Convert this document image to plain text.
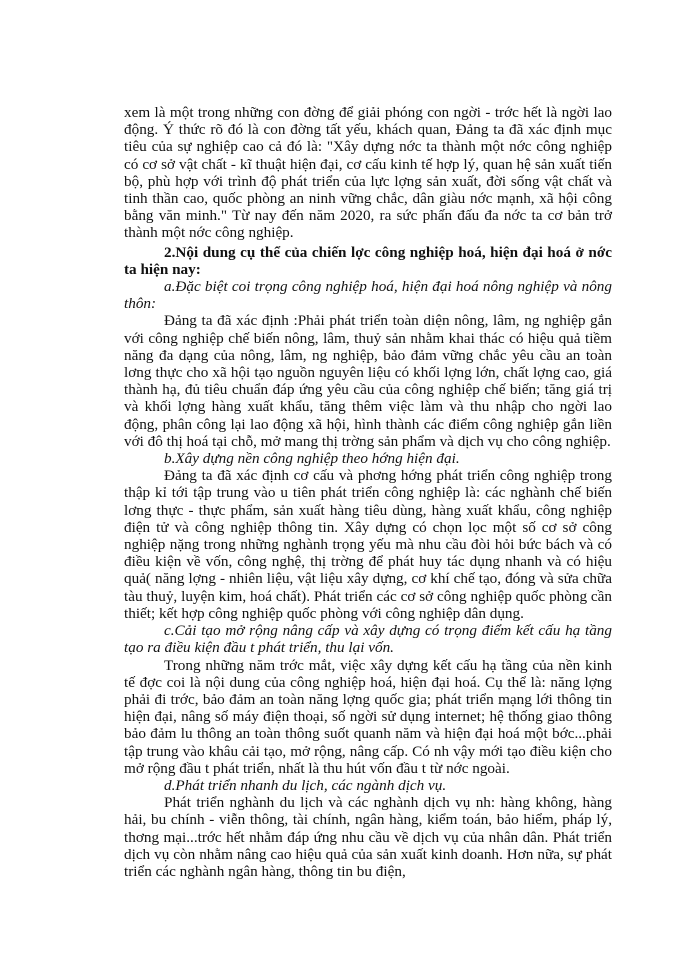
xem là một trong những con đờng để giải phóng con ngời - trớc hết là ngời lao động. Ý thức rõ đó là con đờng tất yếu, khách quan, Đảng ta đã xác định mục tiêu của sự nghiệp cao cả đó là: "Xây dựng nớc ta thành một nớc công nghiệp có cơ sở vật chất - kĩ thuật hiện đại, cơ cấu kinh tế hợp lý, quan hệ sản xuất tiến bộ, phù hợp với trình độ phát triển của lực lợng sản xuất, đời sống vật chất và tinh thần cao, quốc phòng an ninh vững chắc, dân giàu nớc mạnh, xã hội công bằng văn minh." Từ nay đến năm 2020, ra sức phấn đấu đa nớc ta cơ bản trở thành một nớc công nghiệp.

2.Nội dung cụ thể của chiến lợc công nghiệp hoá, hiện đại hoá ở nớc ta hiện nay:

a.Đặc biệt coi trọng công nghiệp hoá, hiện đại hoá nông nghiệp và nông thôn:

Đảng ta đã xác định :Phải phát triển toàn diện nông, lâm, ng nghiệp gắn với công nghiệp chế biến nông, lâm, thuỷ sản nhằm khai thác có hiệu quả tiềm năng đa dạng của nông, lâm, ng nghiệp, bảo đảm vững chắc yêu cầu an toàn lơng thực cho xã hội tạo nguồn nguyên liệu có khối lợng lớn, chất lợng cao, giá thành hạ, đủ tiêu chuẩn đáp ứng yêu cầu của công nghiệp chế biến; tăng giá trị và khối lợng hàng xuất khẩu, tăng thêm việc làm và thu nhập cho ngời lao động, phân công lại lao động xã hội, hình thành các điểm công nghiệp gắn liền với đô thị hoá tại chỗ, mở mang thị trờng sản phẩm và dịch vụ cho công nghiệp.

b.Xây dựng nền công nghiệp theo hớng hiện đại.

Đảng ta đã xác định cơ cấu và phơng hớng phát triển công nghiệp trong thập kỉ tới tập trung vào u tiên phát triển công nghiệp là: các nghành chế biến lơng thực - thực phẩm, sản xuất hàng tiêu dùng, hàng xuất khẩu, công nghiệp điện tử và công nghiệp thông tin. Xây dựng có chọn lọc một số cơ sở công nghiệp nặng trong những nghành trọng yếu mà nhu cầu đòi hỏi bức bách và có điều kiện về vốn, công nghệ, thị trờng để phát huy tác dụng nhanh và có hiệu quả( năng lợng - nhiên liệu, vật liệu xây dựng, cơ khí chế tạo, đóng và sửa chữa tàu thuỷ, luyện kim, hoá chất). Phát triển các cơ sở công nghiệp quốc phòng cần thiết; kết hợp công nghiệp quốc phòng với công nghiệp dân dụng.

c.Cải tạo mở rộng nâng cấp và xây dựng có trọng điểm kết cấu hạ tầng tạo ra điều kiện đầu t phát triển, thu lại vốn.

Trong những năm trớc mắt, việc xây dựng kết cấu hạ tầng của nền kinh tế đợc coi là nội dung của công nghiệp hoá, hiện đại hoá. Cụ thể là: năng lợng phải đi trớc, bảo đảm an toàn năng lợng quốc gia; phát triển mạng lới thông tin hiện đại, nâng số máy điện thoại, số ngời sử dụng internet; hệ thống giao thông bảo đảm lu thông an toàn thông suốt quanh năm và hiện đại hoá một bớc...phải tập trung vào khâu cải tạo, mở rộng, nâng cấp. Có nh vậy mới tạo điều kiện cho mở rộng đầu t phát triển, nhất là thu hút vốn đầu t từ nớc ngoài.

d.Phát triển nhanh du lịch, các ngành dịch vụ.

Phát triển nghành du lịch và các nghành dịch vụ nh: hàng không, hàng hải, bu chính - viễn thông, tài chính, ngân hàng, kiểm toán, bảo hiểm, pháp lý, thơng mại...trớc hết nhằm đáp ứng nhu cầu về dịch vụ của nhân dân. Phát triển dịch vụ còn nhằm nâng cao hiệu quả của sản xuất kinh doanh. Hơn nữa, sự phát triển các nghành ngân hàng, thông tin bu điện,
